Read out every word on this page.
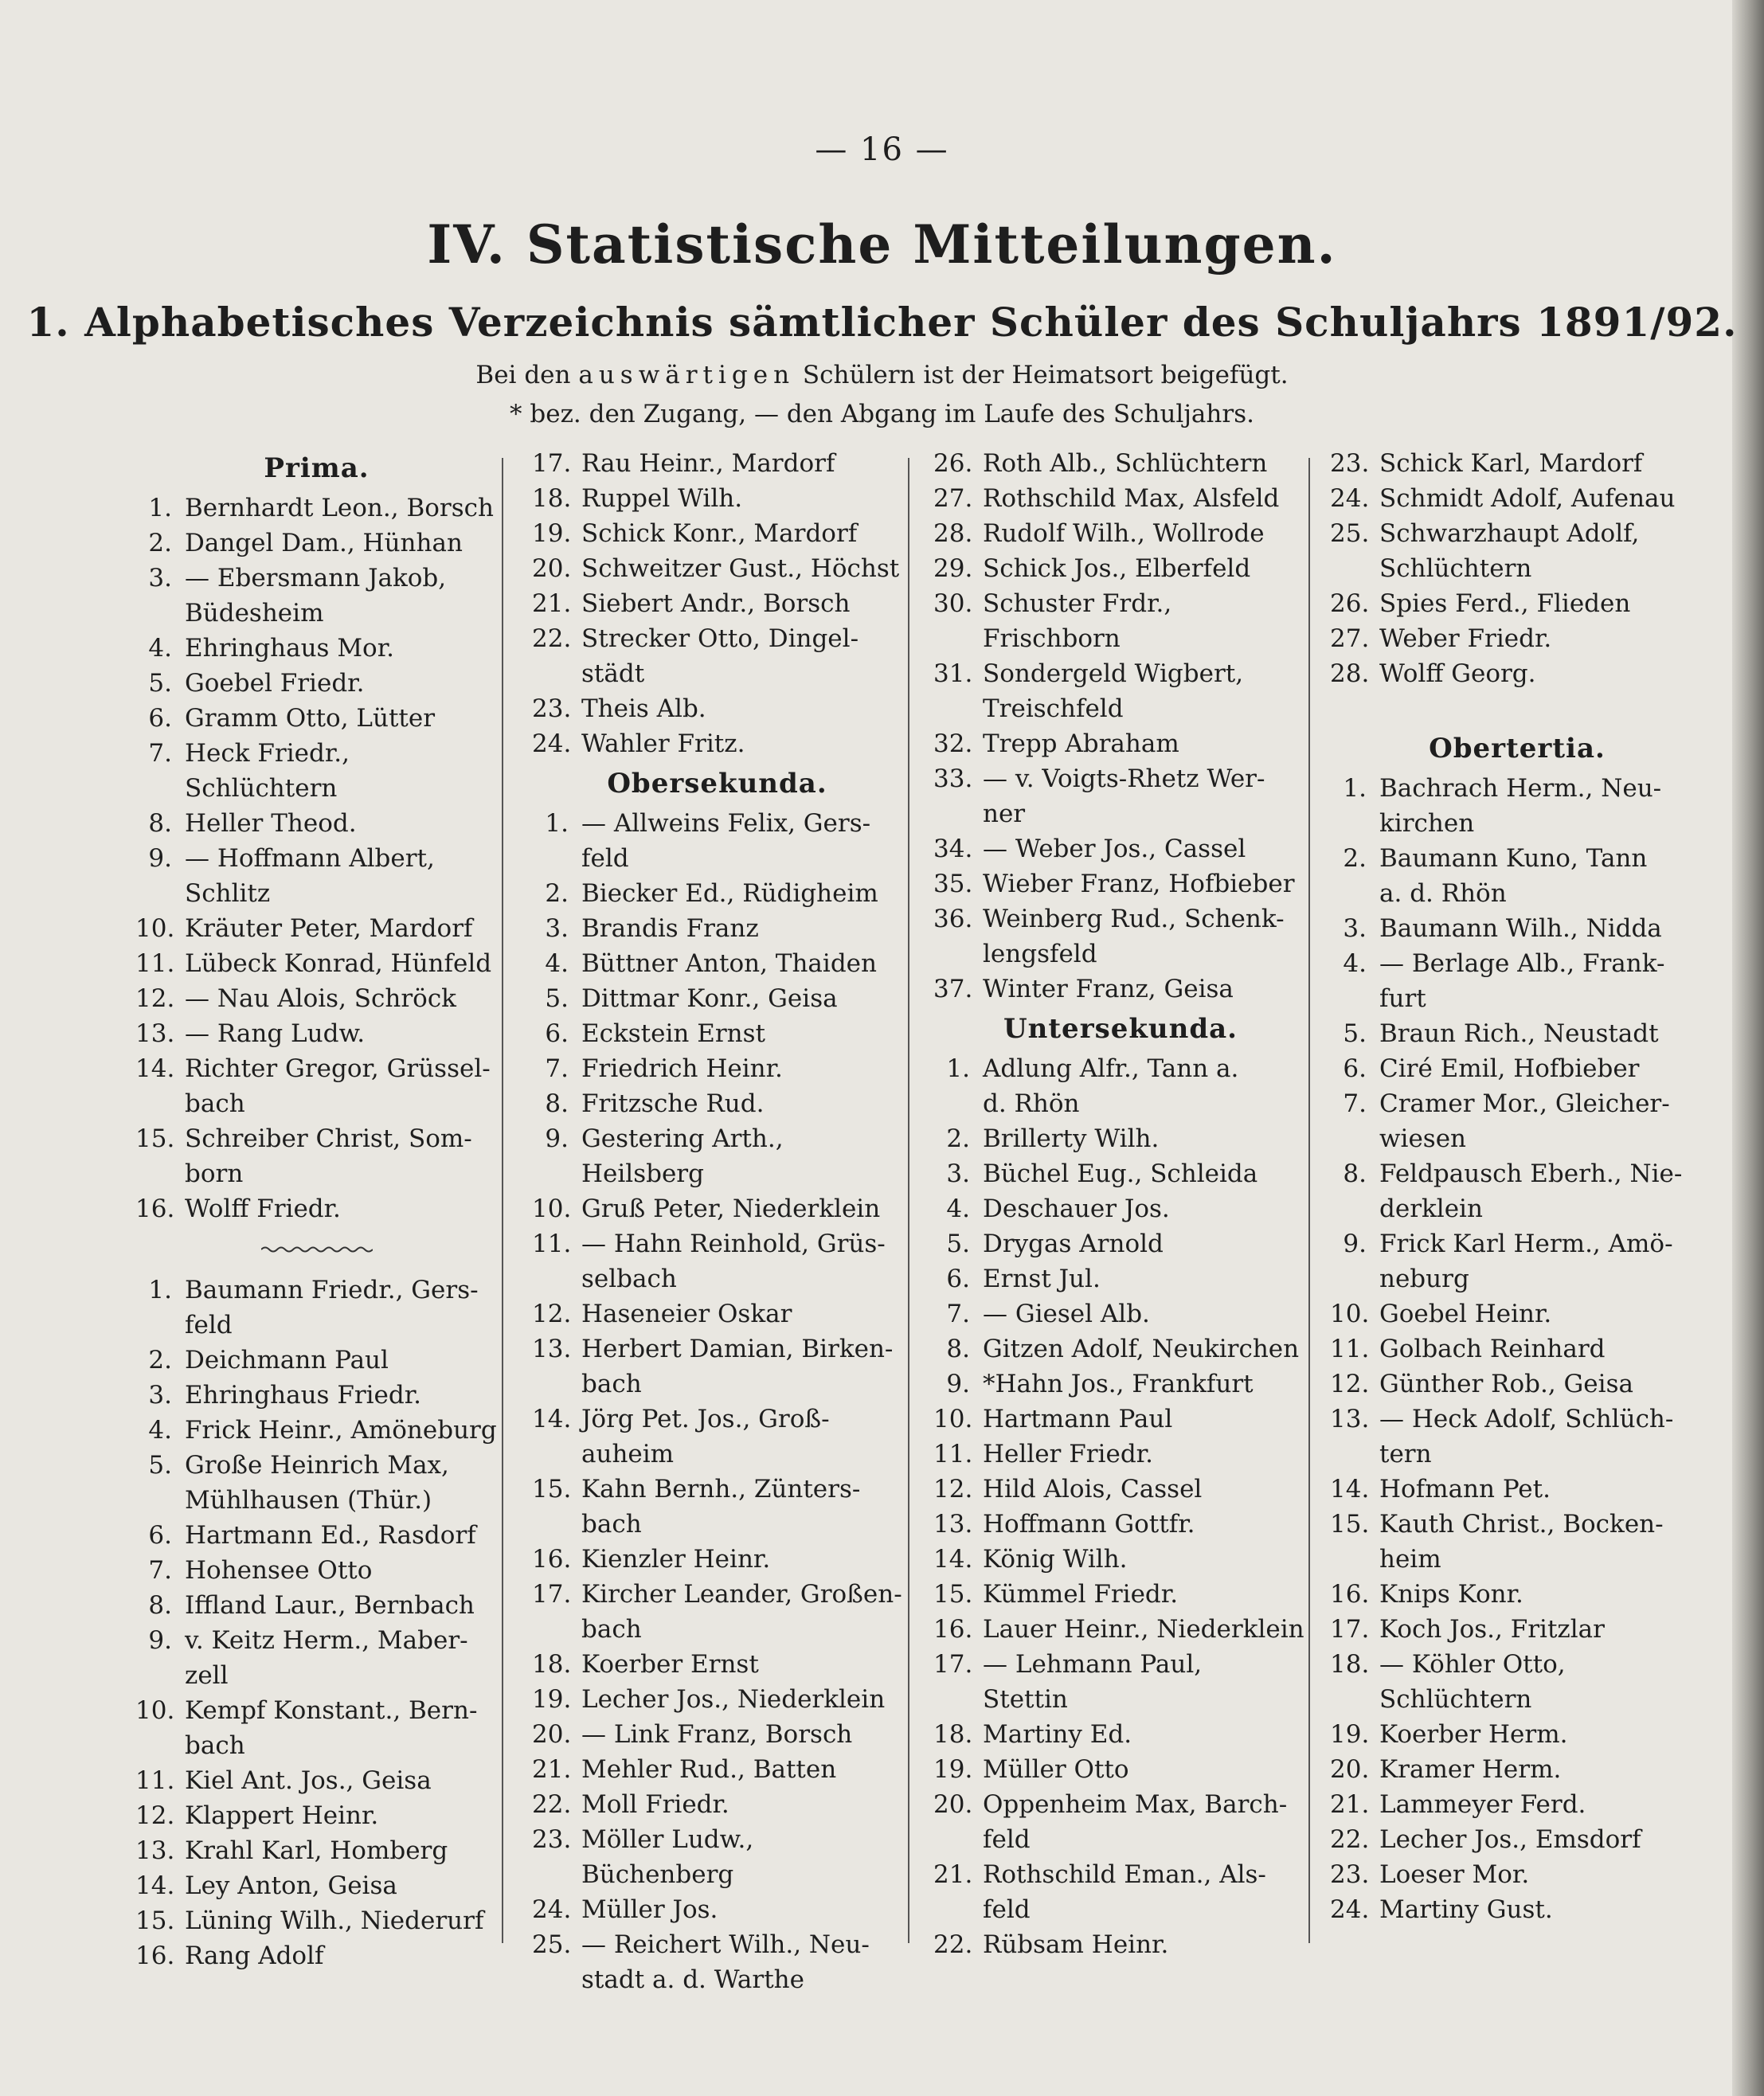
— 16 —
IV. Statistische Mitteilungen.
1. Alphabetisches Verzeichnis sämtlicher Schüler des Schuljahrs 1891/92.
Bei den auswärtigen Schülern ist der Heimatsort beigefügt.
* bez. den Zugang, — den Abgang im Laufe des Schuljahrs.
Prima.
1. Bernhardt Leon., Borsch
2. Dangel Dam., Hünhan
3. — Ebersmann Jakob,
Büdesheim
4. Ehringhaus Mor.
5. Goebel Friedr.
6. Gramm Otto, Lütter
7. Heck Friedr., Schlüchtern
8. Heller Theod.
9. — Hoffmann Albert,
Schlitz
10. Kräuter Peter, Mardorf
11. Lübeck Konrad, Hünfeld
12. — Nau Alois, Schröck
13. — Rang Ludw.
14. Richter Gregor, Grüssel-
bach
15. Schreiber Christ, Som-
born
16. Wolff Friedr.
1. Baumann Friedr., Gers-
feld
2. Deichmann Paul
3. Ehringhaus Friedr.
4. Frick Heinr., Amöneburg
5. Große Heinrich Max,
Mühlhausen (Thür.)
6. Hartmann Ed., Rasdorf
7. Hohensee Otto
8. Iffland Laur., Bernbach
9. v. Keitz Herm., Maber-
zell
10. Kempf Konstant., Bern-
bach
11. Kiel Ant. Jos., Geisa
12. Klappert Heinr.
13. Krahl Karl, Homberg
14. Ley Anton, Geisa
15. Lüning Wilh., Niederurf
16. Rang Adolf
17. Rau Heinr., Mardorf
18. Ruppel Wilh.
19. Schick Konr., Mardorf
20. Schweitzer Gust., Höchst
21. Siebert Andr., Borsch
22. Strecker Otto, Dingel-
städt
23. Theis Alb.
24. Wahler Fritz.
Obersekunda.
1. — Allweins Felix, Gers-
feld
2. Biecker Ed., Rüdigheim
3. Brandis Franz
4. Büttner Anton, Thaiden
5. Dittmar Konr., Geisa
6. Eckstein Ernst
7. Friedrich Heinr.
8. Fritzsche Rud.
9. Gestering Arth., Heilsberg
10. Gruß Peter, Niederklein
11. — Hahn Reinhold, Grüs-
selbach
12. Haseneier Oskar
13. Herbert Damian, Birken-
bach
14. Jörg Pet. Jos., Groß-
auheim
15. Kahn Bernh., Zünters-
bach
16. Kienzler Heinr.
17. Kircher Leander, Großen-
bach
18. Koerber Ernst
19. Lecher Jos., Niederklein
20. — Link Franz, Borsch
21. Mehler Rud., Batten
22. Moll Friedr.
23. Möller Ludw., Büchenberg
24. Müller Jos.
25. — Reichert Wilh., Neu-
stadt a. d. Warthe
26. Roth Alb., Schlüchtern
27. Rothschild Max, Alsfeld
28. Rudolf Wilh., Wollrode
29. Schick Jos., Elberfeld
30. Schuster Frdr., Frischborn
31. Sondergeld Wigbert,
Treischfeld
32. Trepp Abraham
33. — v. Voigts-Rhetz Wer-
ner
34. — Weber Jos., Cassel
35. Wieber Franz, Hofbieber
36. Weinberg Rud., Schenk-
lengsfeld
37. Winter Franz, Geisa
Untersekunda.
1. Adlung Alfr., Tann a.
d. Rhön
2. Brillerty Wilh.
3. Büchel Eug., Schleida
4. Deschauer Jos.
5. Drygas Arnold
6. Ernst Jul.
7. — Giesel Alb.
8. Gitzen Adolf, Neukirchen
9. *Hahn Jos., Frankfurt
10. Hartmann Paul
11. Heller Friedr.
12. Hild Alois, Cassel
13. Hoffmann Gottfr.
14. König Wilh.
15. Kümmel Friedr.
16. Lauer Heinr., Niederklein
17. — Lehmann Paul,
Stettin
18. Martiny Ed.
19. Müller Otto
20. Oppenheim Max, Barch-
feld
21. Rothschild Eman., Als-
feld
22. Rübsam Heinr.
23. Schick Karl, Mardorf
24. Schmidt Adolf, Aufenau
25. Schwarzhaupt Adolf,
Schlüchtern
26. Spies Ferd., Flieden
27. Weber Friedr.
28. Wolff Georg.
Obertertia.
1. Bachrach Herm., Neu-
kirchen
2. Baumann Kuno, Tann
a. d. Rhön
3. Baumann Wilh., Nidda
4. — Berlage Alb., Frank-
furt
5. Braun Rich., Neustadt
6. Ciré Emil, Hofbieber
7. Cramer Mor., Gleicher-
wiesen
8. Feldpausch Eberh., Nie-
derklein
9. Frick Karl Herm., Amö-
neburg
10. Goebel Heinr.
11. Golbach Reinhard
12. Günther Rob., Geisa
13. — Heck Adolf, Schlüch-
tern
14. Hofmann Pet.
15. Kauth Christ., Bocken-
heim
16. Knips Konr.
17. Koch Jos., Fritzlar
18. — Köhler Otto,
Schlüchtern
19. Koerber Herm.
20. Kramer Herm.
21. Lammeyer Ferd.
22. Lecher Jos., Emsdorf
23. Loeser Mor.
24. Martiny Gust.
